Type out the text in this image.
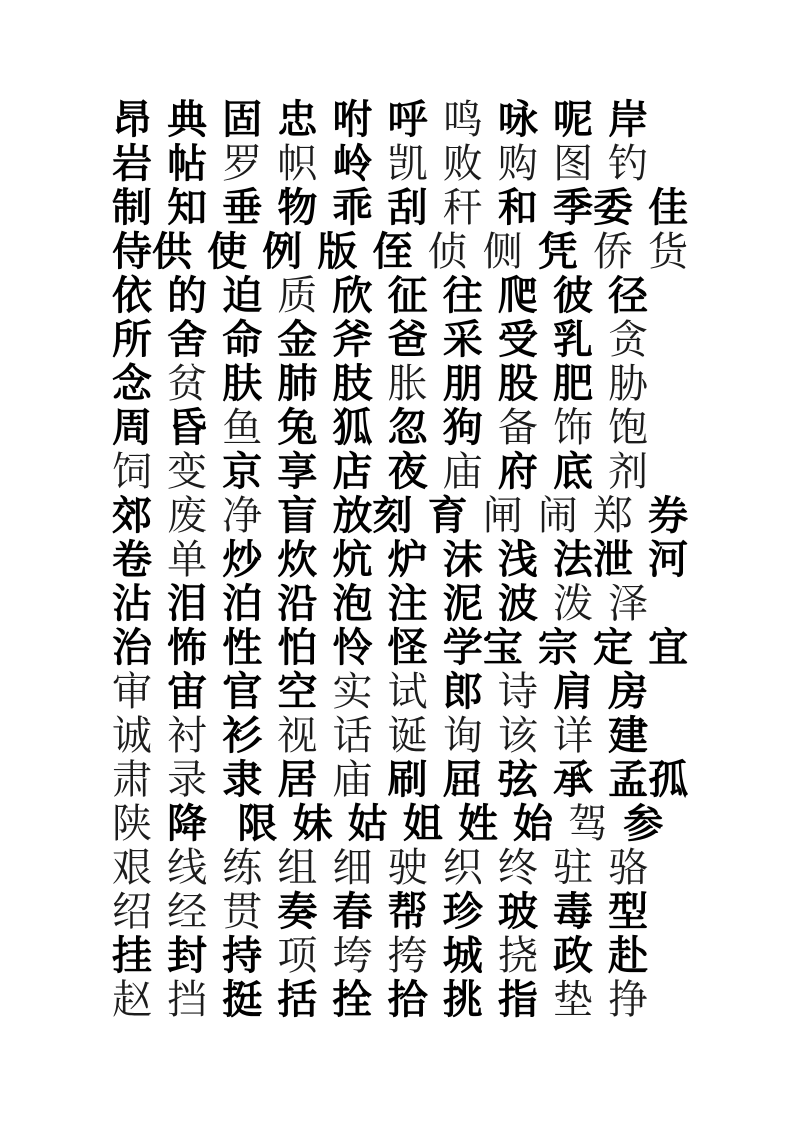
昂 典 固 忠 咐 呼 鸣 咏 呢 岸
岩 帖 罗 帜 岭 凯 败 购 图 钓
制 知 垂 物 乖 刮 秆 和 季委 佳
侍供 使 例 版 侄 侦 侧 凭 侨 货
依 的 迫 质 欣 征 往 爬 彼 径
所 舍 命 金 斧 爸 采 受 乳 贪
念 贫 肤 肺 肢 胀 朋 股 肥 胁
周 昏 鱼 兔 狐 忽 狗 备 饰 饱
饲 变 京 享 店 夜 庙 府 底 剂
郊 废 净 盲 放刻 育 闸 闹 郑 券
卷 单 炒 炊 炕 炉 沫 浅 法泄 河
沾 泪 泊 沿 泡 注 泥 波 泼 泽
治 怖 性 怕 怜 怪 学宝 宗 定 宜
审 宙 官 空 实 试 郎 诗 肩 房
诚 衬 衫 视 话 诞 询 该 详 建
肃 录 隶 居 庙 刷 屈 弦 承 孟孤
陕 降 限 妹 姑 姐 姓 始 驾 参
艰 线 练 组 细 驶 织 终 驻 骆
绍 经 贯 奏 春 帮 珍 玻 毒 型
挂 封 持 项 垮 挎 城 挠 政 赴
赵 挡 挺 括 拴 拾 挑 指 垫 挣
